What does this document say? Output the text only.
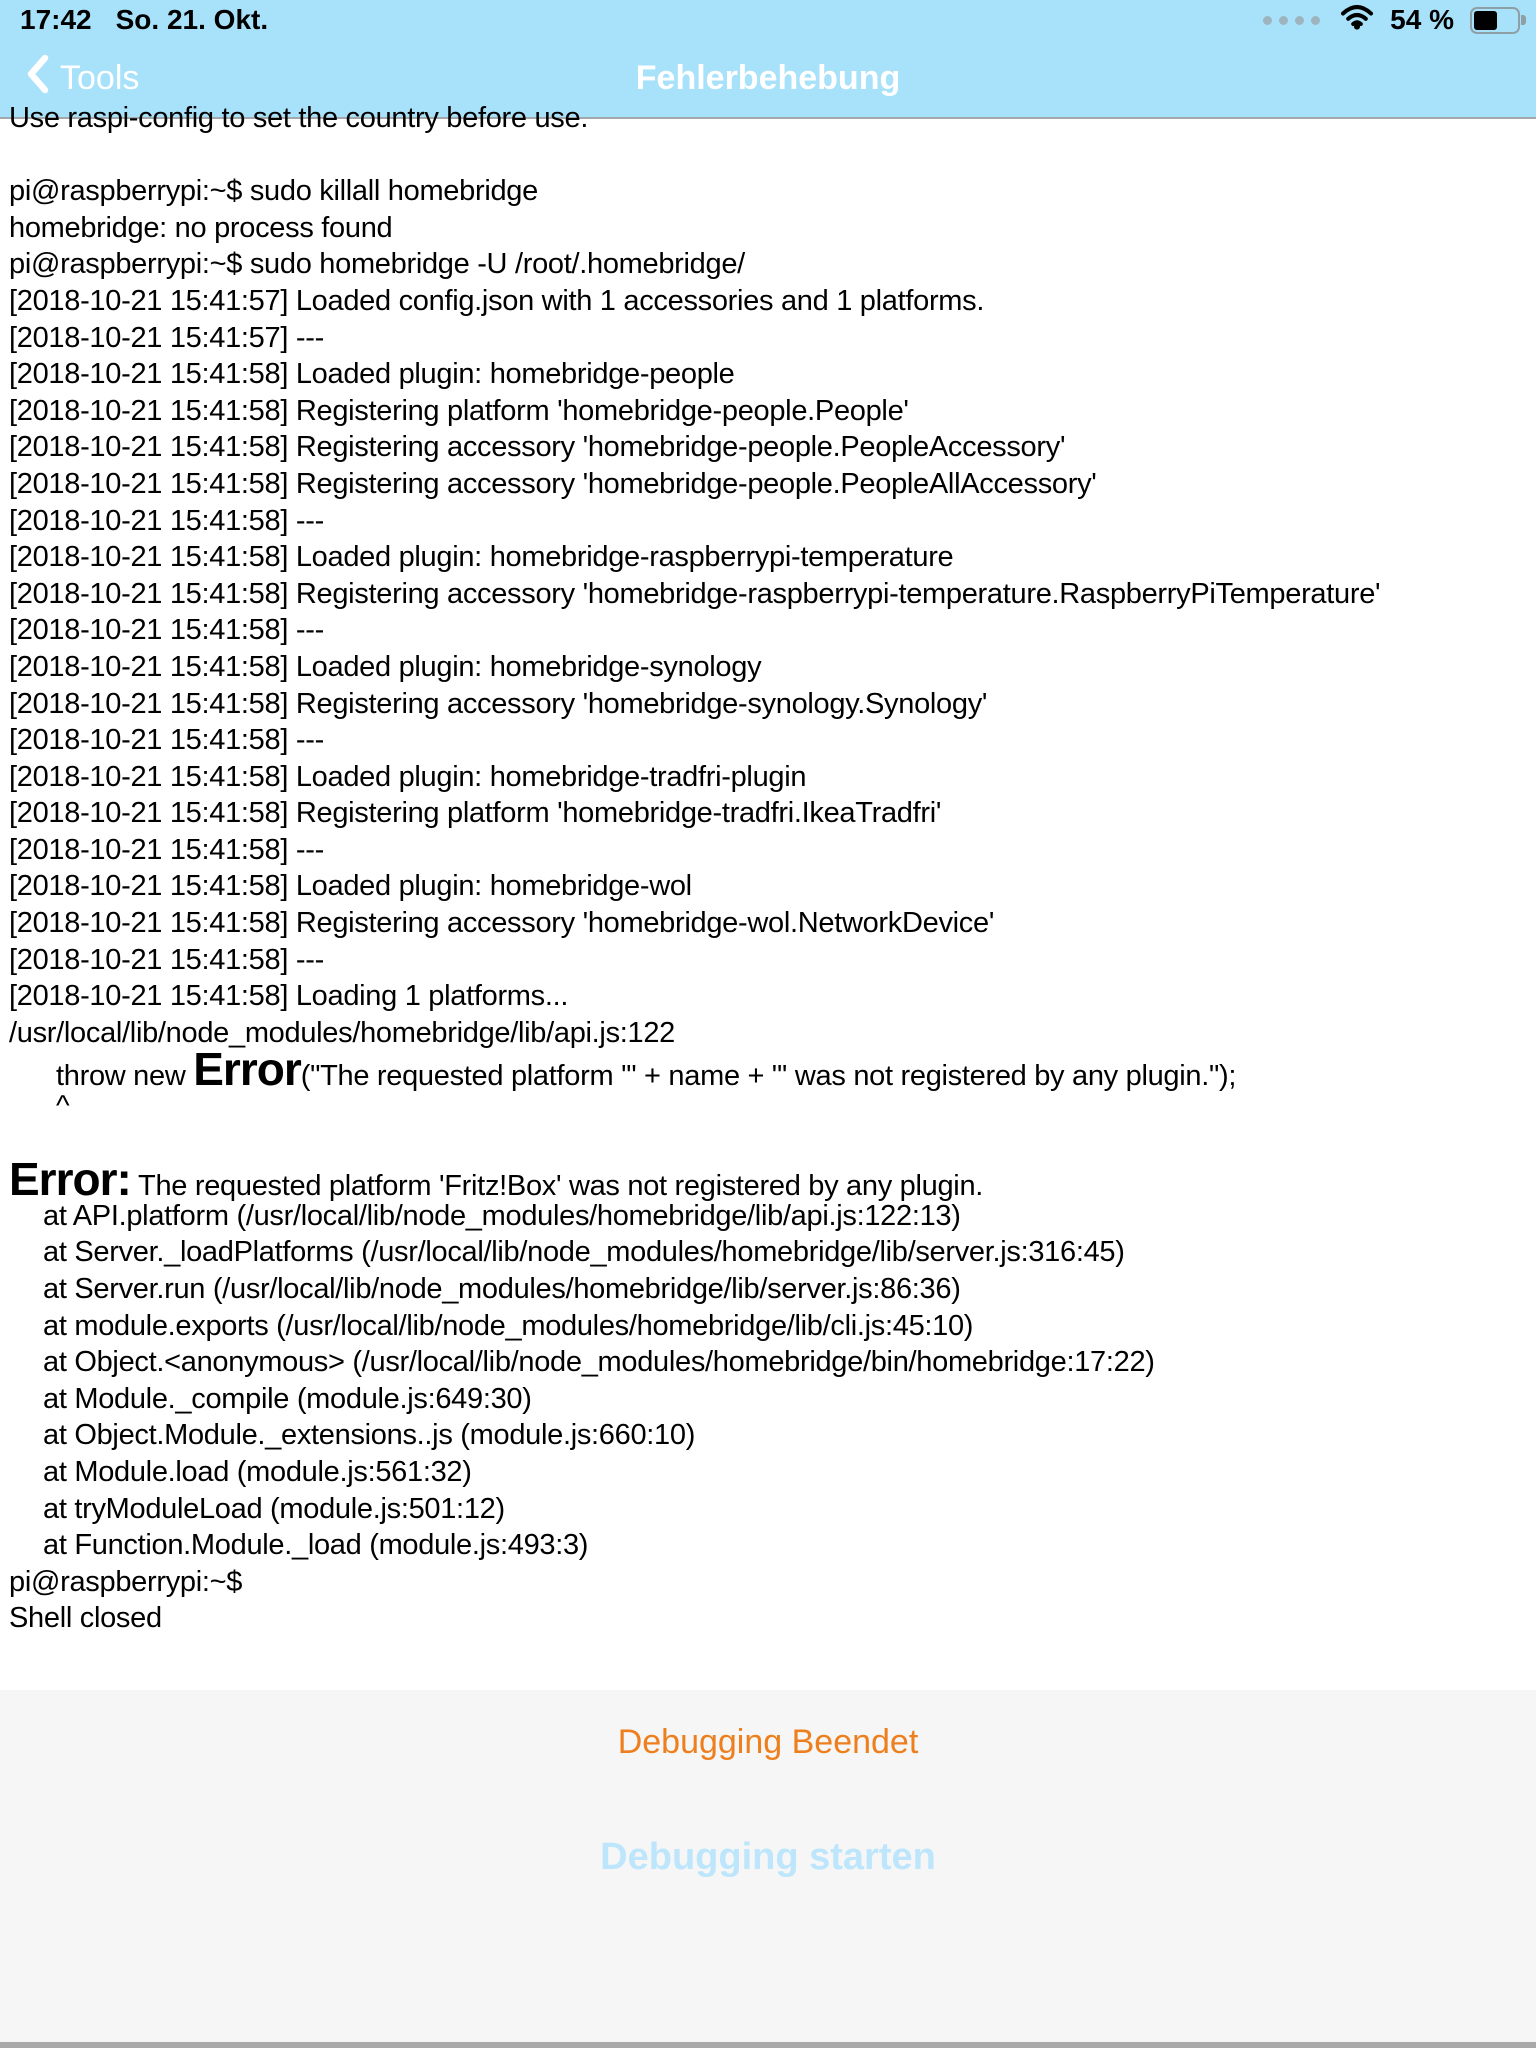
17:42 So. 21. Okt.	54 %
Tools	Fehlerbehebung
Use raspi-config to set the country before use.

pi@raspberrypi:~$ sudo killall homebridge
homebridge: no process found
pi@raspberrypi:~$ sudo homebridge -U /root/.homebridge/
[2018-10-21 15:41:57] Loaded config.json with 1 accessories and 1 platforms.
[2018-10-21 15:41:57] ---
[2018-10-21 15:41:58] Loaded plugin: homebridge-people
[2018-10-21 15:41:58] Registering platform 'homebridge-people.People'
[2018-10-21 15:41:58] Registering accessory 'homebridge-people.PeopleAccessory'
[2018-10-21 15:41:58] Registering accessory 'homebridge-people.PeopleAllAccessory'
[2018-10-21 15:41:58] ---
[2018-10-21 15:41:58] Loaded plugin: homebridge-raspberrypi-temperature
[2018-10-21 15:41:58] Registering accessory 'homebridge-raspberrypi-temperature.RaspberryPiTemperature'
[2018-10-21 15:41:58] ---
[2018-10-21 15:41:58] Loaded plugin: homebridge-synology
[2018-10-21 15:41:58] Registering accessory 'homebridge-synology.Synology'
[2018-10-21 15:41:58] ---
[2018-10-21 15:41:58] Loaded plugin: homebridge-tradfri-plugin
[2018-10-21 15:41:58] Registering platform 'homebridge-tradfri.IkeaTradfri'
[2018-10-21 15:41:58] ---
[2018-10-21 15:41:58] Loaded plugin: homebridge-wol
[2018-10-21 15:41:58] Registering accessory 'homebridge-wol.NetworkDevice'
[2018-10-21 15:41:58] ---
[2018-10-21 15:41:58] Loading 1 platforms...
/usr/local/lib/node_modules/homebridge/lib/api.js:122
throw new Error("The requested platform '" + name + "' was not registered by any plugin.");
^

Error: The requested platform 'Fritz!Box' was not registered by any plugin.
at API.platform (/usr/local/lib/node_modules/homebridge/lib/api.js:122:13)
at Server._loadPlatforms (/usr/local/lib/node_modules/homebridge/lib/server.js:316:45)
at Server.run (/usr/local/lib/node_modules/homebridge/lib/server.js:86:36)
at module.exports (/usr/local/lib/node_modules/homebridge/lib/cli.js:45:10)
at Object.<anonymous> (/usr/local/lib/node_modules/homebridge/bin/homebridge:17:22)
at Module._compile (module.js:649:30)
at Object.Module._extensions..js (module.js:660:10)
at Module.load (module.js:561:32)
at tryModuleLoad (module.js:501:12)
at Function.Module._load (module.js:493:3)
pi@raspberrypi:~$
Shell closed
Debugging Beendet
Debugging starten
